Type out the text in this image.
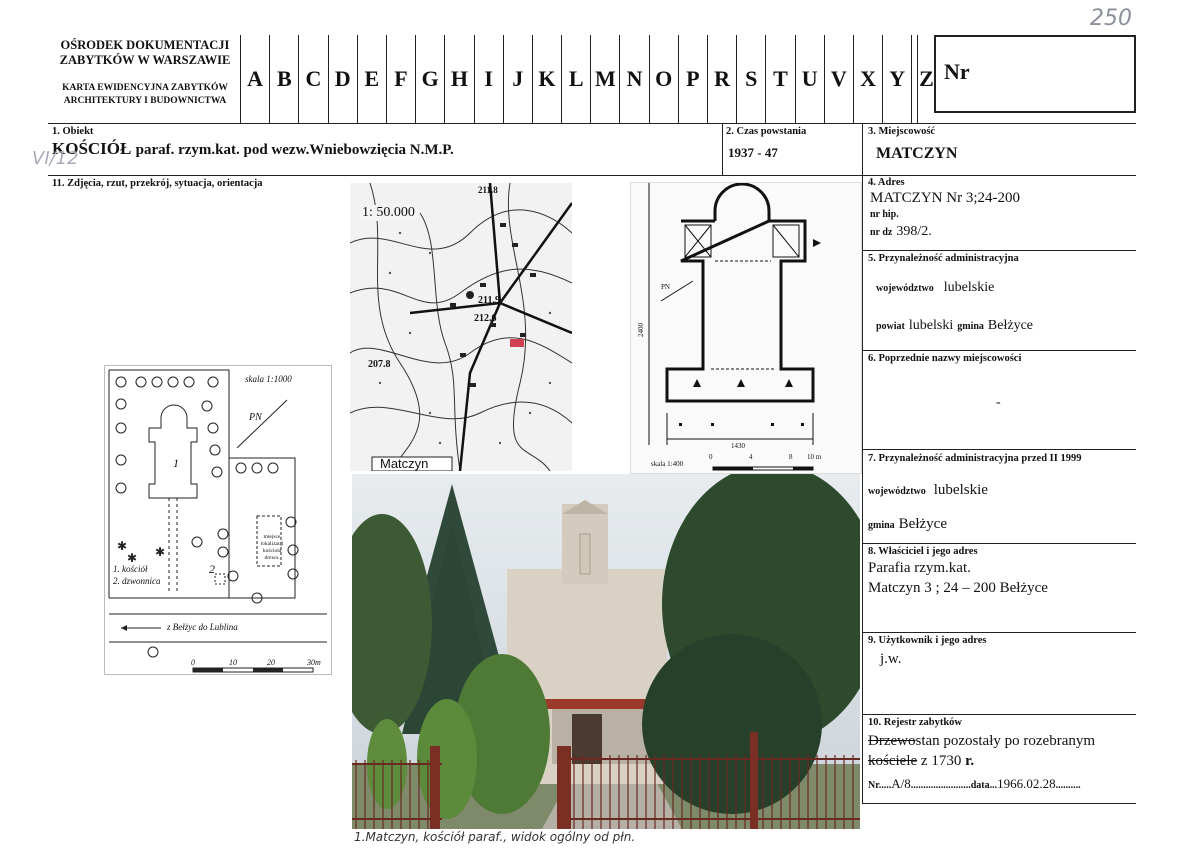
OŚRODEK DOKUMENTACJI
ZABYTKÓW W WARSZAWIE
KARTA EWIDENCYJNA ZABYTKÓW
ARCHITEKTURY I BUDOWNICTWA
A B C D E F G H I J K L M N O P R S T U V X Y Z Nr
250
1. Obiekt
KOŚCIÓŁ paraf. rzym.kat. pod wezw.Wniebowzięcia N.M.P.
VI/12
2. Czas powstania
1937 - 47
3. Miejscowość
MATCZYN
11. Zdjęcia, rzut, przekrój, sytuacja, orientacja	4. Adres
MATCZYN Nr 3;24-200
nr hip.
nr dz 398/2.
5. Przynależność administracyjna
województwo lubelskie
powiat lubelski gmina Bełżyce
6. Poprzednie nazwy miejscowości
-
7. Przynależność administracyjna przed II 1999
województwo lubelskie
gmina Bełżyce
8. Właściciel i jego adres
Parafia rzym.kat.
Matczyn 3 ; 24 – 200 Bełżyce
9. Użytkownik i jego adres
j.w.
10. Rejestr zabytków
Drzewostan pozostały po rozebranym
kościele z 1730 r.
Nr.....A/8........................data...1966.02.28..........
✱ ✱
✱
skala 1:1000
PN
1
2
1. kościół
2. dzwonnica
miejsce lokalizacji kościoła drewn.
z Bełżyc do Lublina
0	10	20	30m
1: 50.000
Matczyn
211.8
211.9
212.6
207.8
PN
2400
1430
skala 1:400
0	4	8 10 m
1.Matczyn, kościół paraf., widok ogólny od płn.
